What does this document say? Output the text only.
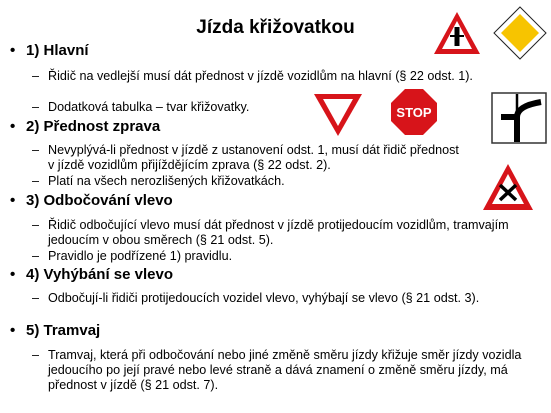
Jízda křižovatkou
• 1) Hlavní
– Řidič na vedlejší musí dát přednost v jízdě vozidlům na hlavní (§ 22 odst. 1).
– Dodatková tabulka – tvar křižovatky.
• 2) Přednost zprava
– Nevyplývá-li přednost v jízdě z ustanovení odst. 1, musí dát řidič přednost v jízdě vozidlům přijíždějícím zprava (§ 22 odst. 2).
– Platí na všech nerozlišených křižovatkách.
• 3) Odbočování vlevo
– Řidič odbočující vlevo musí dát přednost v jízdě protijedoucím vozidlům, tramvajím jedoucím v obou směrech (§ 21 odst. 5).
– Pravidlo je podřízené 1) pravidlu.
• 4) Vyhýbání se vlevo
– Odbočují-li řidiči protijedoucích vozidel vlevo, vyhýbají se vlevo (§ 21 odst. 3).
• 5) Tramvaj
– Tramvaj, která při odbočování nebo jiné změně směru jízdy křižuje směr jízdy vozidla jedoucího po její pravé nebo levé straně a dává znamení o změně směru jízdy, má přednost v jízdě (§ 21 odst. 7).
STOP
